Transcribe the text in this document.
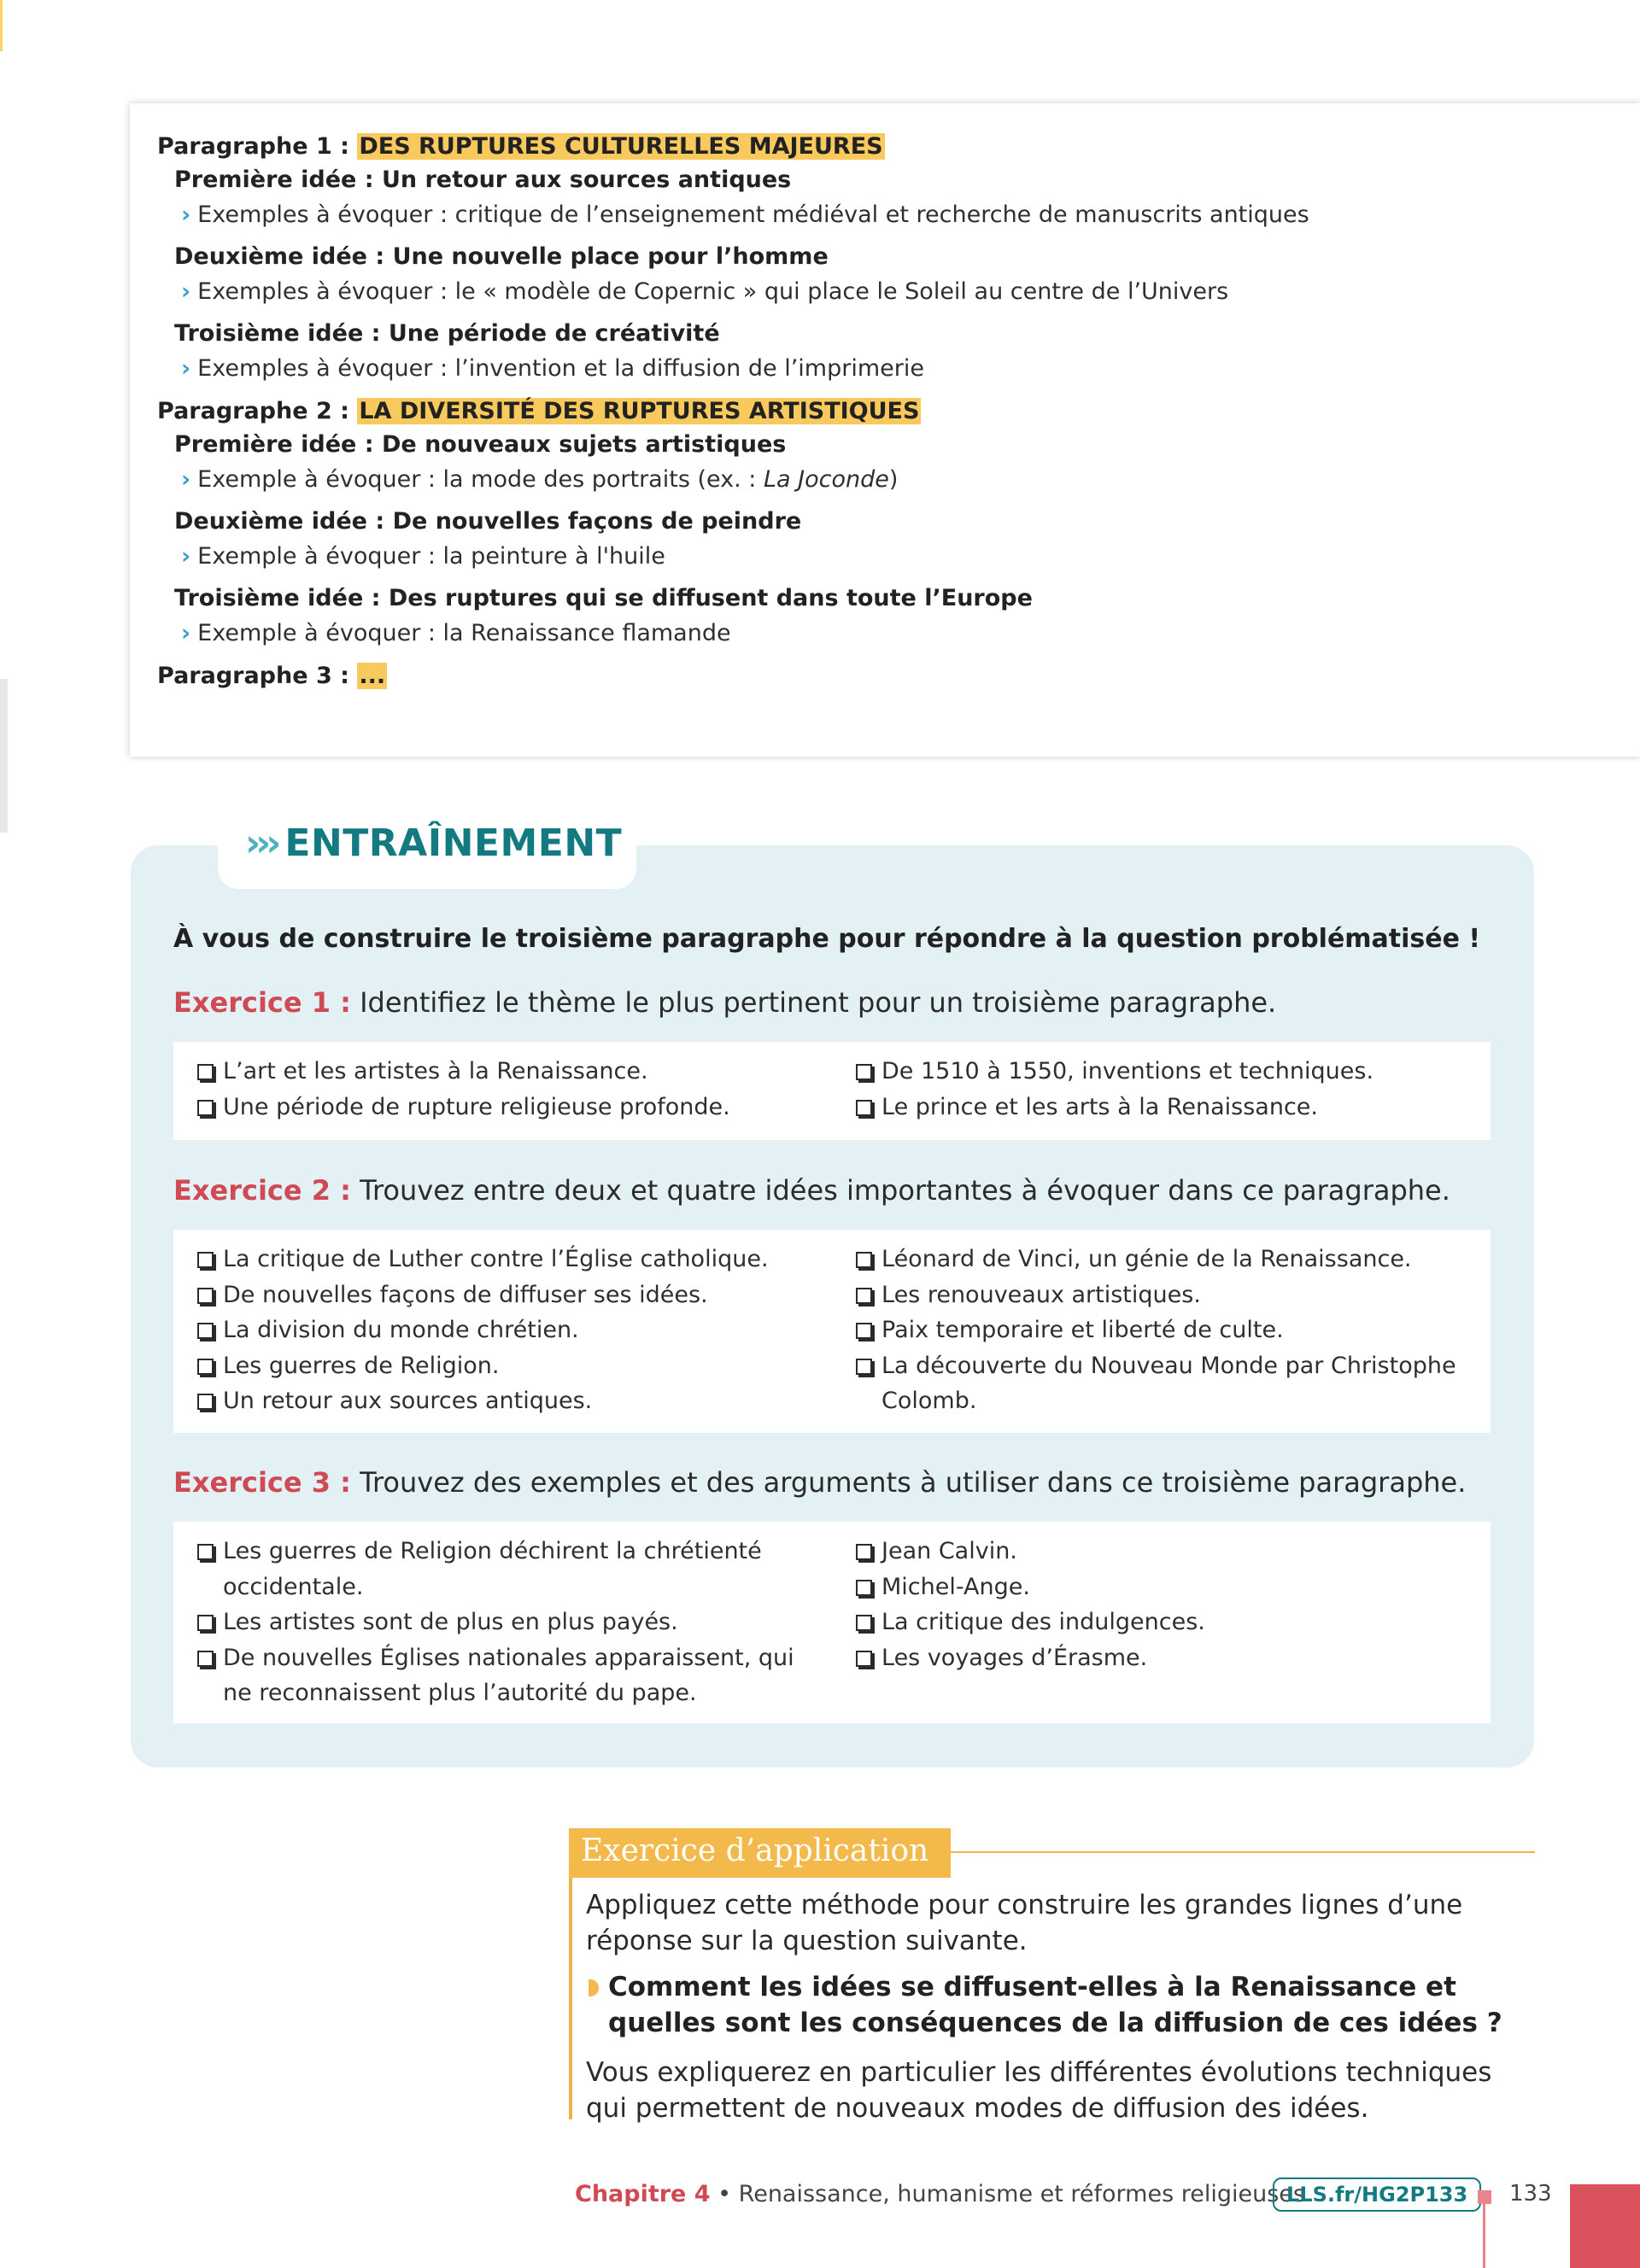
Paragraphe 1 : DES RUPTURES CULTURELLES MAJEURES
Première idée : Un retour aux sources antiques
› Exemples à évoquer : critique de l’enseignement médiéval et recherche de manuscrits antiques
Deuxième idée : Une nouvelle place pour l’homme
› Exemples à évoquer : le « modèle de Copernic » qui place le Soleil au centre de l’Univers
Troisième idée : Une période de créativité
› Exemples à évoquer : l’invention et la diffusion de l’imprimerie
Paragraphe 2 : LA DIVERSITÉ DES RUPTURES ARTISTIQUES
Première idée : De nouveaux sujets artistiques
› Exemple à évoquer : la mode des portraits (ex. : La Joconde)
Deuxième idée : De nouvelles façons de peindre
› Exemple à évoquer : la peinture à l'huile
Troisième idée : Des ruptures qui se diffusent dans toute l’Europe
› Exemple à évoquer : la Renaissance flamande
Paragraphe 3 : ...
››› ENTRAÎNEMENT
À vous de construire le troisième paragraphe pour répondre à la question problématisée !
Exercice 1 : Identifiez le thème le plus pertinent pour un troisième paragraphe.
L’art et les artistes à la Renaissance.
Une période de rupture religieuse profonde.
De 1510 à 1550, inventions et techniques.
Le prince et les arts à la Renaissance.
Exercice 2 : Trouvez entre deux et quatre idées importantes à évoquer dans ce paragraphe.
La critique de Luther contre l’Église catholique.
De nouvelles façons de diffuser ses idées.
La division du monde chrétien.
Les guerres de Religion.
Un retour aux sources antiques.
Léonard de Vinci, un génie de la Renaissance.
Les renouveaux artistiques.
Paix temporaire et liberté de culte.
La découverte du Nouveau Monde par Christophe Colomb.
Exercice 3 : Trouvez des exemples et des arguments à utiliser dans ce troisième paragraphe.
Les guerres de Religion déchirent la chrétienté occidentale.
Les artistes sont de plus en plus payés.
De nouvelles Églises nationales apparaissent, qui ne reconnaissent plus l’autorité du pape.
Jean Calvin.
Michel-Ange.
La critique des indulgences.
Les voyages d’Érasme.
Exercice d’application
Appliquez cette méthode pour construire les grandes lignes d’une réponse sur la question suivante.
Comment les idées se diffusent-elles à la Renaissance et quelles sont les conséquences de la diffusion de ces idées ?
Vous expliquerez en particulier les différentes évolutions techniques qui permettent de nouveaux modes de diffusion des idées.
Chapitre 4 • Renaissance, humanisme et réformes religieuses
LLS.fr/HG2P133	133
